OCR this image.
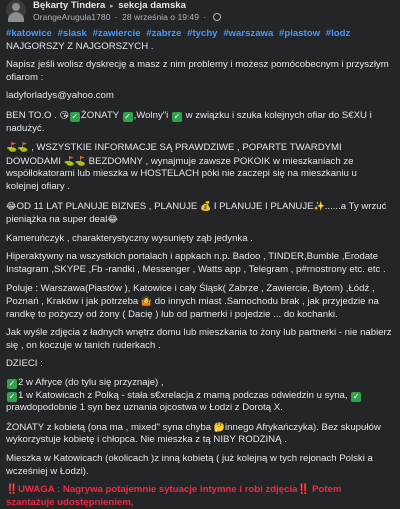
Bękarty Tindera ▸ sekcja damska
OrangeArugula1780 · 28 września o 19:49 ·

#katowice #slask #zawiercie #zabrze #tychy #warszawa #piastow #lodz

NAJGORSZY Z NAJGORSZYCH .

Napisz jeśli wolisz dyskrecję a masz z nim problemy i możesz pomócobecnym i przyszłym ofiarom :

ladyforladys@yahoo.com

BEN TO.O . 😘 ✓ ŻONATY ✓ ,Wolny"i ✓ w związku i szuka kolejnych ofiar do S€XU i nadużyć.

⛳⛳ , WSZYSTKIE INFORMACJE SĄ PRAWDZIWE , POPARTE TWARDYMI DOWODAMI ⛳⛳ BEZDOMNY , wynajmuje zawsze POKOIK w mieszkaniach ze współlokatorami lub mieszka w HOSTELACH póki nie zaczepi się na mieszkaniu u kolejnej ofiary .

😂OD 11 LAT PLANUJE BIZNES , PLANUJE 💰 I PLANUJE I PLANUJE✨......a Ty wrzuć pieniążka na super deal😂

Kameruńczyk , charakterystyczny wysunięty ząb jedynka .

Hiperaktywny na wszystkich portalach i appkach n.p. Badoo , TINDER,Bumble ,Erodate Instagram ,SKYPE ,Fb -randki , Messenger , Watts app , Telegram , p#rnostrony etc. etc .

Poluje : Warszawa(Piastów ), Katowice i cały Śląsk( Zabrze , Zawiercie, Bytom) ,Łódź , Poznań , Kraków i jak potrzeba 🤷 do innych miast .Samochodu brak , jak przyjedzie na randkę to pożyczy od żony ( Dacię ) lub od partnerki i pojedzie ... do kochanki.

Jak wyśle zdjęcia z ładnych wnętrz domu lub mieszkania to żony lub partnerki - nie nabierz się , on koczuje w tanich ruderkach .

DZIECI :

✓ 2 w Afryce (do tylu się przyznaje) ,

✓ 1 w Katowicach z Polką - stała s€xrelacja z mamą podczas odwiedzin u syna, ✓prawdopodobnie 1 syn bez uznania ojcostwa w Łodzi z Dorotą X.

ŻONATY z kobietą (ona ma , mixed" syna chyba 🤔innego Afrykańczyka). Bez skupułów wykorzystuje kobietę i chłopca. Nie mieszka z tą NIBY RODZINĄ .

Mieszka w Katowicach (okolicach )z inną kobietą ( już kolejną w tych rejonach Polski a wcześniej w Łodzi).

‼️UWAGA : Nagrywa potajemnie sytuacje intymne i robi zdjęcia‼️ Potem szantażuje udostępnieniem,
